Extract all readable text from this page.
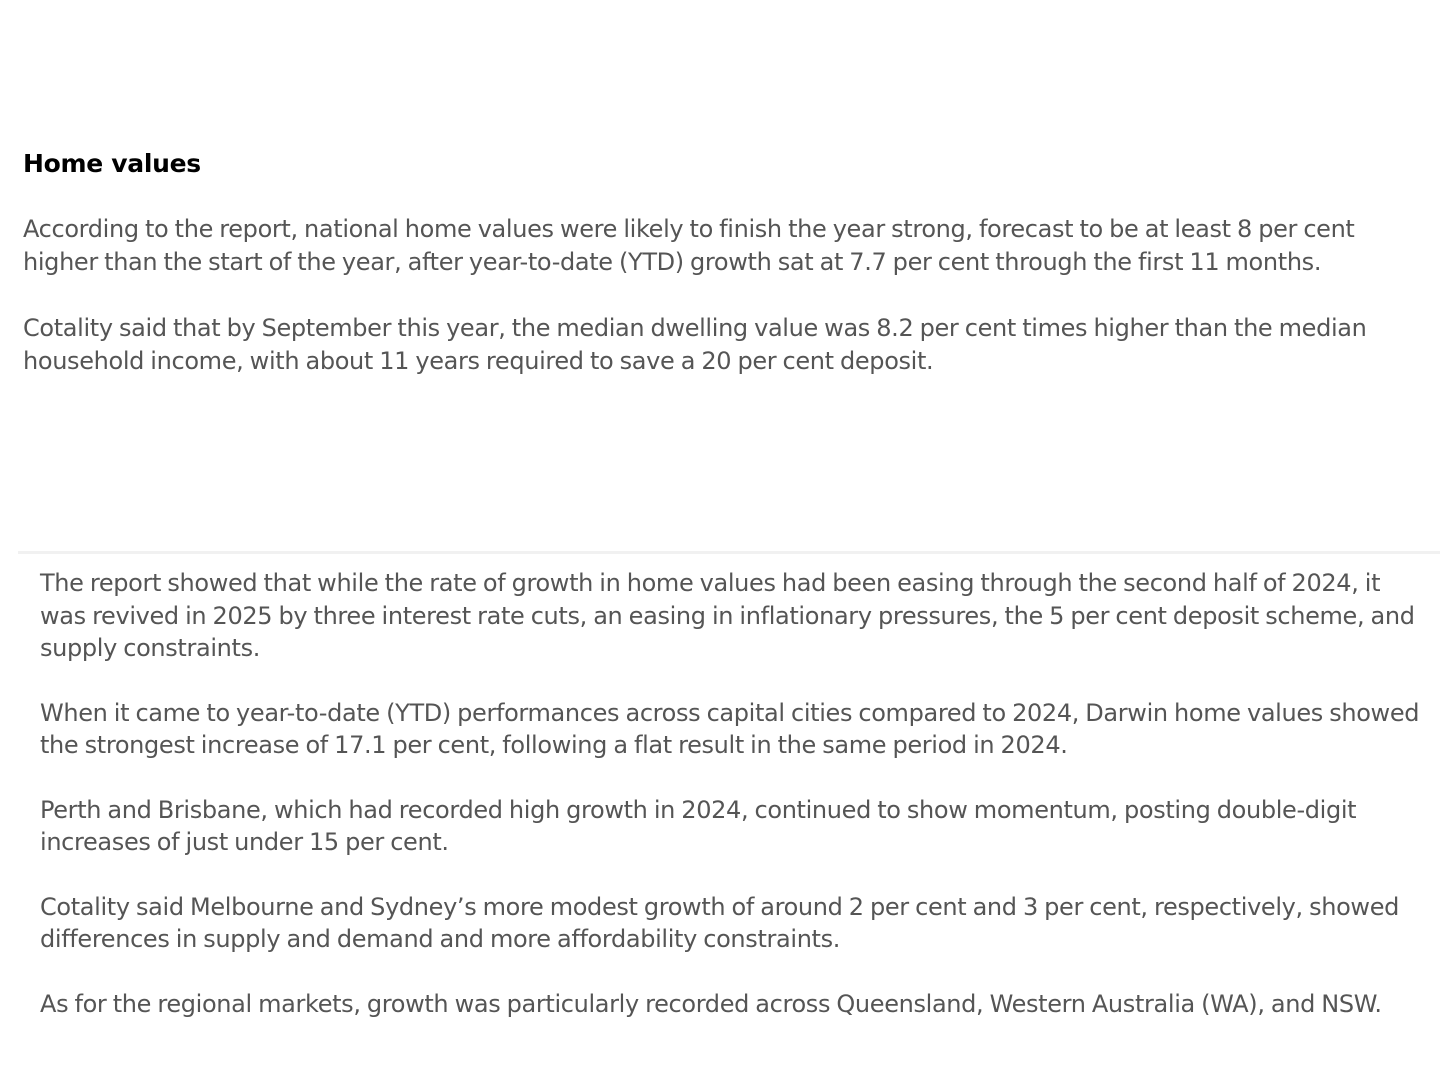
Home values

According to the report, national home values were likely to finish the year strong, forecast to be at least 8 per cent higher than the start of the year, after year-to-date (YTD) growth sat at 7.7 per cent through the first 11 months.

Cotality said that by September this year, the median dwelling value was 8.2 per cent times higher than the median household income, with about 11 years required to save a 20 per cent deposit.

The report showed that while the rate of growth in home values had been easing through the second half of 2024, it was revived in 2025 by three interest rate cuts, an easing in inflationary pressures, the 5 per cent deposit scheme, and supply constraints.

When it came to year-to-date (YTD) performances across capital cities compared to 2024, Darwin home values showed the strongest increase of 17.1 per cent, following a flat result in the same period in 2024.

Perth and Brisbane, which had recorded high growth in 2024, continued to show momentum, posting double-digit increases of just under 15 per cent.

Cotality said Melbourne and Sydney’s more modest growth of around 2 per cent and 3 per cent, respectively, showed differences in supply and demand and more affordability constraints.

As for the regional markets, growth was particularly recorded across Queensland, Western Australia (WA), and NSW.
